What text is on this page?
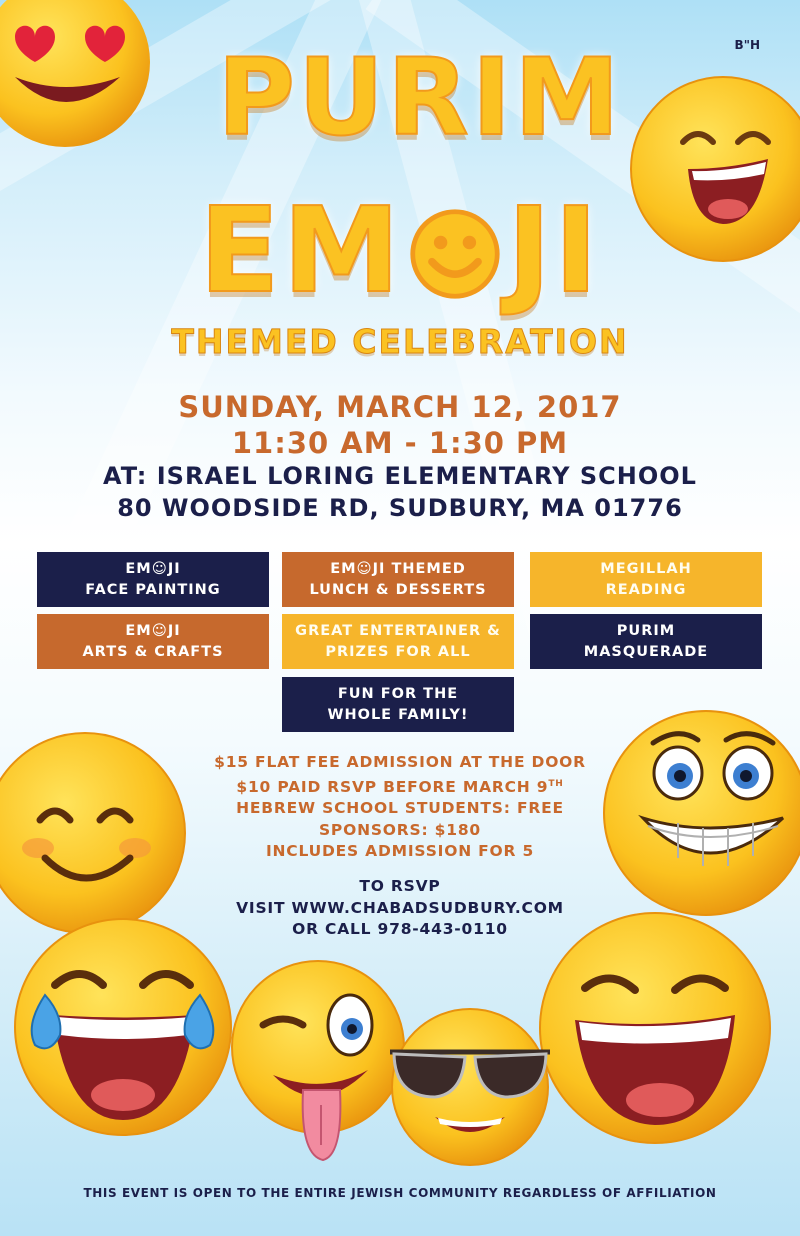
B"H
PURIM
EM JI
THEMED CELEBRATION
SUNDAY, MARCH 12, 2017
11:30 AM - 1:30 PM
AT: ISRAEL LORING ELEMENTARY SCHOOL
80 WOODSIDE RD, SUDBURY, MA 01776
EM☺JI
FACE PAINTING
EM☺JI THEMED
LUNCH & DESSERTS
MEGILLAH
READING
EM☺JI
ARTS & CRAFTS
GREAT ENTERTAINER &
PRIZES FOR ALL
PURIM
MASQUERADE
FUN FOR THE
WHOLE FAMILY!
$15 FLAT FEE ADMISSION AT THE DOOR
$10 PAID RSVP BEFORE MARCH 9TH
HEBREW SCHOOL STUDENTS: FREE
SPONSORS: $180
INCLUDES ADMISSION FOR 5
TO RSVP
VISIT WWW.CHABADSUDBURY.COM
OR CALL 978-443-0110
THIS EVENT IS OPEN TO THE ENTIRE JEWISH COMMUNITY REGARDLESS OF AFFILIATION
